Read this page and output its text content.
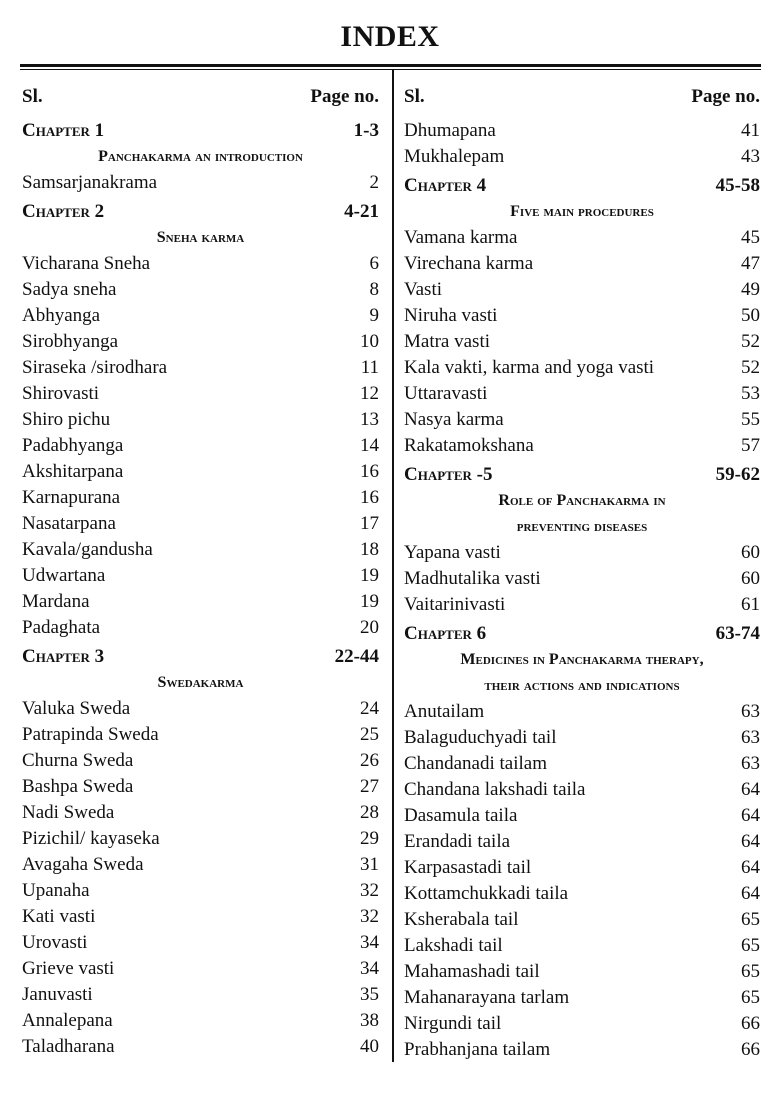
INDEX
Sl.	Page no.
Chapter 1	1-3
Panchakarma an introduction
Samsarjanakrama	2
Chapter 2	4-21
Sneha karma
Vicharana Sneha	6
Sadya sneha	8
Abhyanga	9
Sirobhyanga	10
Siraseka /sirodhara	11
Shirovasti	12
Shiro pichu	13
Padabhyanga	14
Akshitarpana	16
Karnapurana	16
Nasatarpana	17
Kavala/gandusha	18
Udwartana	19
Mardana	19
Padaghata	20
Chapter 3	22-44
Swedakarma
Valuka Sweda	24
Patrapinda Sweda	25
Churna Sweda	26
Bashpa Sweda	27
Nadi Sweda	28
Pizichil/ kayaseka	29
Avagaha Sweda	31
Upanaha	32
Kati vasti	32
Urovasti	34
Grieve vasti	34
Januvasti	35
Annalepana	38
Taladharana	40
Sl.	Page no.
Dhumapana	41
Mukhalepam	43
Chapter 4	45-58
Five main procedures
Vamana karma	45
Virechana karma	47
Vasti	49
Niruha vasti	50
Matra vasti	52
Kala vakti, karma and yoga vasti	52
Uttaravasti	53
Nasya karma	55
Rakatamokshana	57
Chapter -5	59-62
Role of Panchakarma in
preventing diseases
Yapana vasti	60
Madhutalika vasti	60
Vaitarinivasti	61
Chapter 6	63-74
Medicines in Panchakarma therapy,
their actions and indications
Anutailam	63
Balaguduchyadi tail	63
Chandanadi tailam	63
Chandana lakshadi taila	64
Dasamula taila	64
Erandadi taila	64
Karpasastadi tail	64
Kottamchukkadi taila	64
Ksherabala tail	65
Lakshadi tail	65
Mahamashadi tail	65
Mahanarayana tarlam	65
Nirgundi tail	66
Prabhanjana tailam	66
